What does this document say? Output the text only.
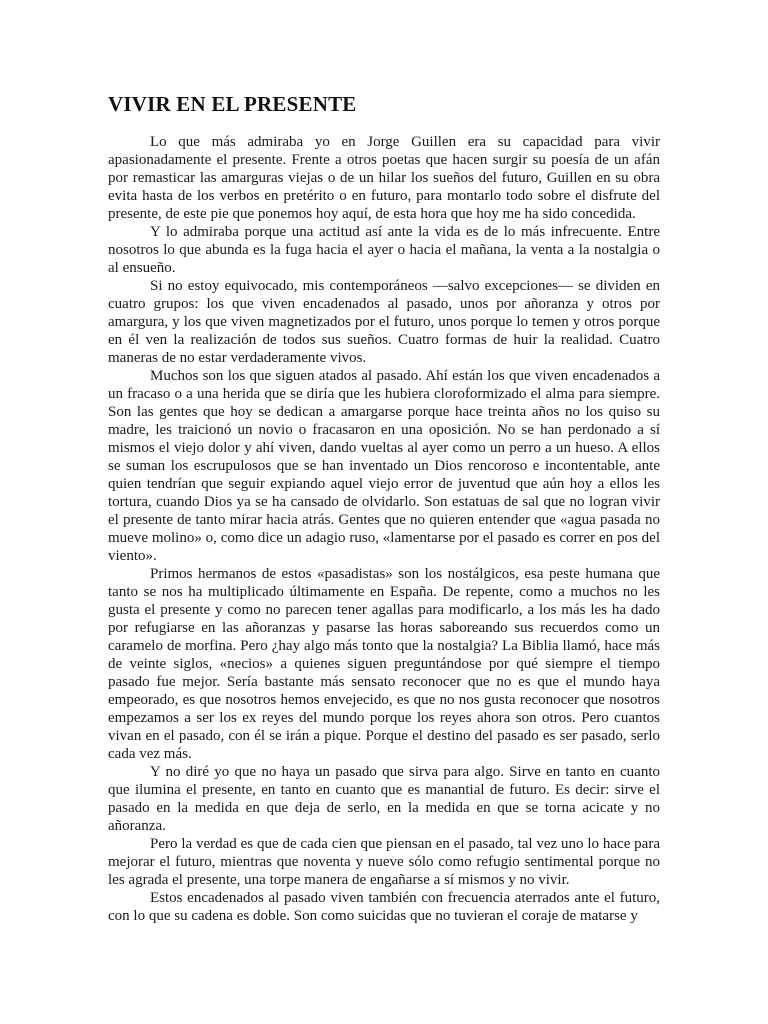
VIVIR EN EL PRESENTE

Lo que más admiraba yo en Jorge Guillen era su capacidad para vivir apasionadamente el presente. Frente a otros poetas que hacen surgir su poesía de un afán por remasticar las amarguras viejas o de un hilar los sueños del futuro, Guillen en su obra evita hasta de los verbos en pretérito o en futuro, para montarlo todo sobre el disfrute del presente, de este pie que ponemos hoy aquí, de esta hora que hoy me ha sido concedida.

Y lo admiraba porque una actitud así ante la vida es de lo más infrecuente. Entre nosotros lo que abunda es la fuga hacia el ayer o hacia el mañana, la venta a la nostalgia o al ensueño.

Si no estoy equivocado, mis contemporáneos —salvo excepciones— se dividen en cuatro grupos: los que viven encadenados al pasado, unos por añoranza y otros por amargura, y los que viven magnetizados por el futuro, unos porque lo temen y otros porque en él ven la realización de todos sus sueños. Cuatro formas de huir la realidad. Cuatro maneras de no estar verdaderamente vivos.

Muchos son los que siguen atados al pasado. Ahí están los que viven encadenados a un fracaso o a una herida que se diría que les hubiera cloroformizado el alma para siempre. Son las gentes que hoy se dedican a amargarse porque hace treinta años no los quiso su madre, les traicionó un novio o fracasaron en una oposición. No se han perdonado a sí mismos el viejo dolor y ahí viven, dando vueltas al ayer como un perro a un hueso. A ellos se suman los escrupulosos que se han inventado un Dios rencoroso e incontentable, ante quien tendrían que seguir expiando aquel viejo error de juventud que aún hoy a ellos les tortura, cuando Dios ya se ha cansado de olvidarlo. Son estatuas de sal que no logran vivir el presente de tanto mirar hacia atrás. Gentes que no quieren entender que «agua pasada no mueve molino» o, como dice un adagio ruso, «lamentarse por el pasado es correr en pos del viento».

Primos hermanos de estos «pasadistas» son los nostálgicos, esa peste humana que tanto se nos ha multiplicado últimamente en España. De repente, como a muchos no les gusta el presente y como no parecen tener agallas para modificarlo, a los más les ha dado por refugiarse en las añoranzas y pasarse las horas saboreando sus recuerdos como un caramelo de morfina. Pero ¿hay algo más tonto que la nostalgia? La Biblia llamó, hace más de veinte siglos, «necios» a quienes siguen preguntándose por qué siempre el tiempo pasado fue mejor. Sería bastante más sensato reconocer que no es que el mundo haya empeorado, es que nosotros hemos envejecido, es que no nos gusta reconocer que nosotros empezamos a ser los ex reyes del mundo porque los reyes ahora son otros. Pero cuantos vivan en el pasado, con él se irán a pique. Porque el destino del pasado es ser pasado, serlo cada vez más.

Y no diré yo que no haya un pasado que sirva para algo. Sirve en tanto en cuanto que ilumina el presente, en tanto en cuanto que es manantial de futuro. Es decir: sirve el pasado en la medida en que deja de serlo, en la medida en que se torna acicate y no añoranza.

Pero la verdad es que de cada cien que piensan en el pasado, tal vez uno lo hace para mejorar el futuro, mientras que noventa y nueve sólo como refugio sentimental porque no les agrada el presente, una torpe manera de engañarse a sí mismos y no vivir.

Estos encadenados al pasado viven también con frecuencia aterrados ante el futuro, con lo que su cadena es doble. Son como suicidas que no tuvieran el coraje de matarse y
